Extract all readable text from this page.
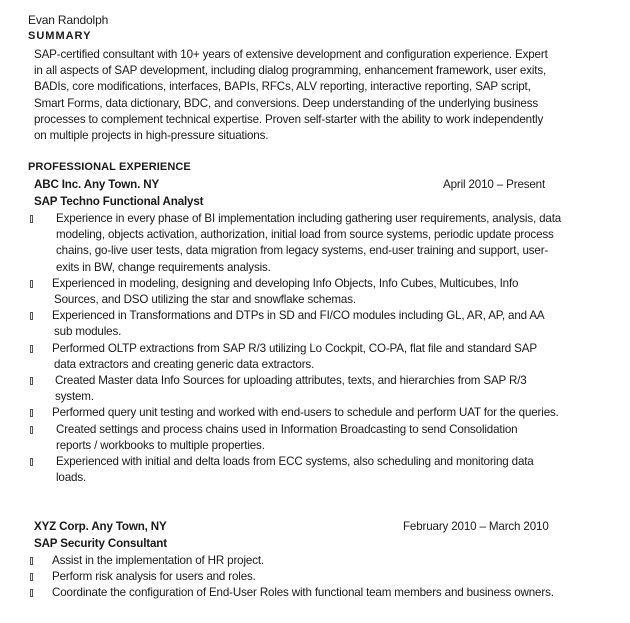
Evan Randolph
SUMMARY
SAP-certified consultant with 10+ years of extensive development and configuration experience. Expert
in all aspects of SAP development, including dialog programming, enhancement framework, user exits,
BADIs, core modifications, interfaces, BAPIs, RFCs, ALV reporting, interactive reporting, SAP script,
Smart Forms, data dictionary, BDC, and conversions. Deep understanding of the underlying business
processes to complement technical expertise. Proven self-starter with the ability to work independently
on multiple projects in high-pressure situations.
PROFESSIONAL EXPERIENCE
ABC Inc. Any Town. NY	April 2010 – Present
SAP Techno Functional Analyst
Experience in every phase of BI implementation including gathering user requirements, analysis, data
modeling, objects activation, authorization, initial load from source systems, periodic update process
chains, go-live user tests, data migration from legacy systems, end-user training and support, user-
exits in BW, change requirements analysis.
Experienced in modeling, designing and developing Info Objects, Info Cubes, Multicubes, Info
Sources, and DSO utilizing the star and snowflake schemas.
Experienced in Transformations and DTPs in SD and FI/CO modules including GL, AR, AP, and AA
sub modules.
Performed OLTP extractions from SAP R/3 utilizing Lo Cockpit, CO-PA, flat file and standard SAP
data extractors and creating generic data extractors.
Created Master data Info Sources for uploading attributes, texts, and hierarchies from SAP R/3
system.
Performed query unit testing and worked with end-users to schedule and perform UAT for the queries.
Created settings and process chains used in Information Broadcasting to send Consolidation
reports / workbooks to multiple properties.
Experienced with initial and delta loads from ECC systems, also scheduling and monitoring data
loads.
XYZ Corp. Any Town, NY	February 2010 – March 2010
SAP Security Consultant
Assist in the implementation of HR project.
Perform risk analysis for users and roles.
Coordinate the configuration of End-User Roles with functional team members and business owners.
